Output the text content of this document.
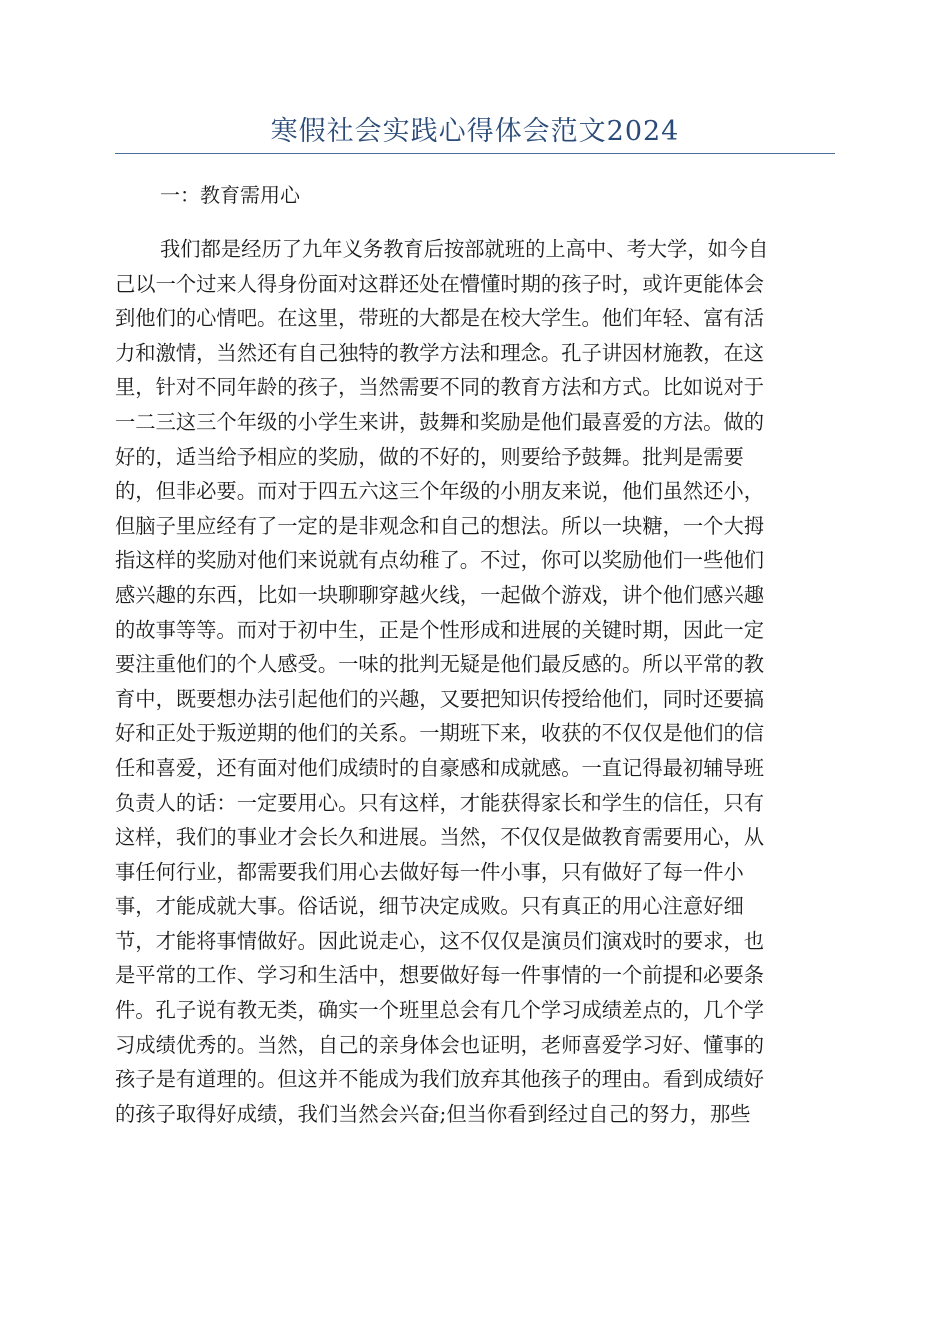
寒假社会实践心得体会范文2024
一：教育需用心
我们都是经历了九年义务教育后按部就班的上高中、考大学，如今自
己以一个过来人得身份面对这群还处在懵懂时期的孩子时，或许更能体会
到他们的心情吧。在这里，带班的大都是在校大学生。他们年轻、富有活
力和激情，当然还有自己独特的教学方法和理念。孔子讲因材施教，在这
里，针对不同年龄的孩子，当然需要不同的教育方法和方式。比如说对于
一二三这三个年级的小学生来讲，鼓舞和奖励是他们最喜爱的方法。做的
好的，适当给予相应的奖励，做的不好的，则要给予鼓舞。批判是需要
的，但非必要。而对于四五六这三个年级的小朋友来说，他们虽然还小，
但脑子里应经有了一定的是非观念和自己的想法。所以一块糖，一个大拇
指这样的奖励对他们来说就有点幼稚了。不过，你可以奖励他们一些他们
感兴趣的东西，比如一块聊聊穿越火线，一起做个游戏，讲个他们感兴趣
的故事等等。而对于初中生，正是个性形成和进展的关键时期，因此一定
要注重他们的个人感受。一味的批判无疑是他们最反感的。所以平常的教
育中，既要想办法引起他们的兴趣，又要把知识传授给他们，同时还要搞
好和正处于叛逆期的他们的关系。一期班下来，收获的不仅仅是他们的信
任和喜爱，还有面对他们成绩时的自豪感和成就感。一直记得最初辅导班
负责人的话：一定要用心。只有这样，才能获得家长和学生的信任，只有
这样，我们的事业才会长久和进展。当然，不仅仅是做教育需要用心，从
事任何行业，都需要我们用心去做好每一件小事，只有做好了每一件小
事，才能成就大事。俗话说，细节决定成败。只有真正的用心注意好细
节，才能将事情做好。因此说走心，这不仅仅是演员们演戏时的要求，也
是平常的工作、学习和生活中，想要做好每一件事情的一个前提和必要条
件。孔子说有教无类，确实一个班里总会有几个学习成绩差点的，几个学
习成绩优秀的。当然，自己的亲身体会也证明，老师喜爱学习好、懂事的
孩子是有道理的。但这并不能成为我们放弃其他孩子的理由。看到成绩好
的孩子取得好成绩，我们当然会兴奋;但当你看到经过自己的努力，那些
